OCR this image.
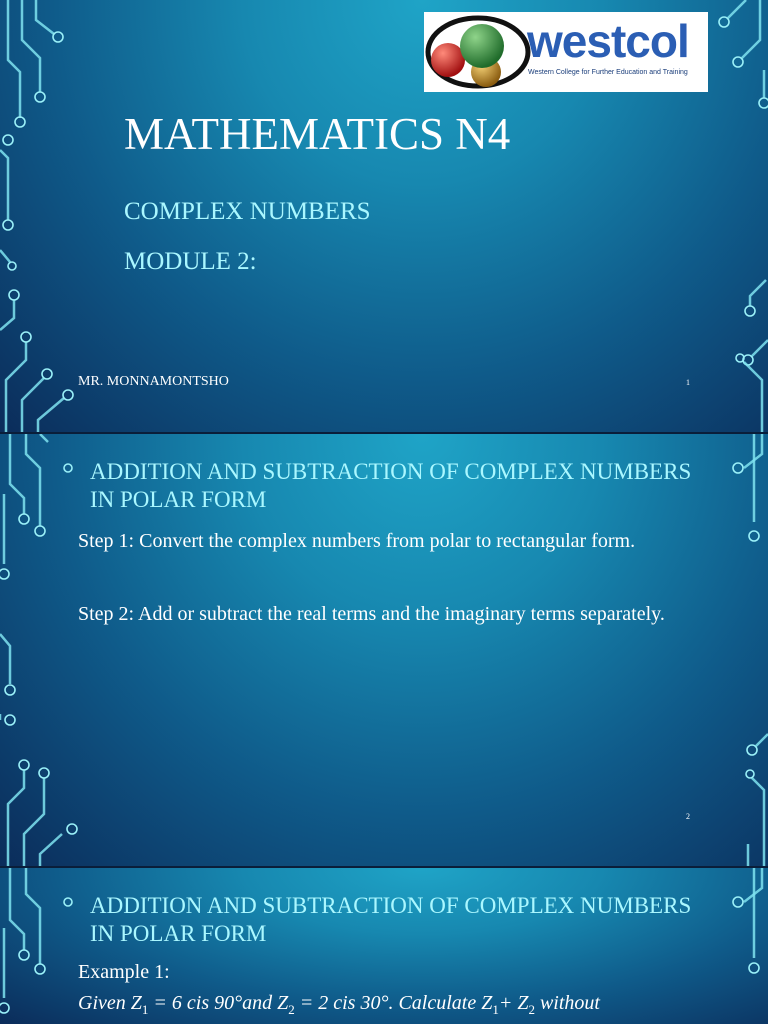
westcol
Western College for Further Education and Training
MATHEMATICS N4
COMPLEX NUMBERS
MODULE 2:
MR. MONNAMONTSHO	1
ADDITION AND SUBTRACTION OF COMPLEX NUMBERS IN POLAR FORM
Step 1: Convert the complex numbers from polar to rectangular form.
Step 2: Add or subtract the real terms and the imaginary terms separately.
2
ADDITION AND SUBTRACTION OF COMPLEX NUMBERS IN POLAR FORM
Example 1:
Given $Z_1 = 6$ cis 90°and $Z_2 = 2$ cis 30°. Calculate $Z_1+ Z_2$ without
